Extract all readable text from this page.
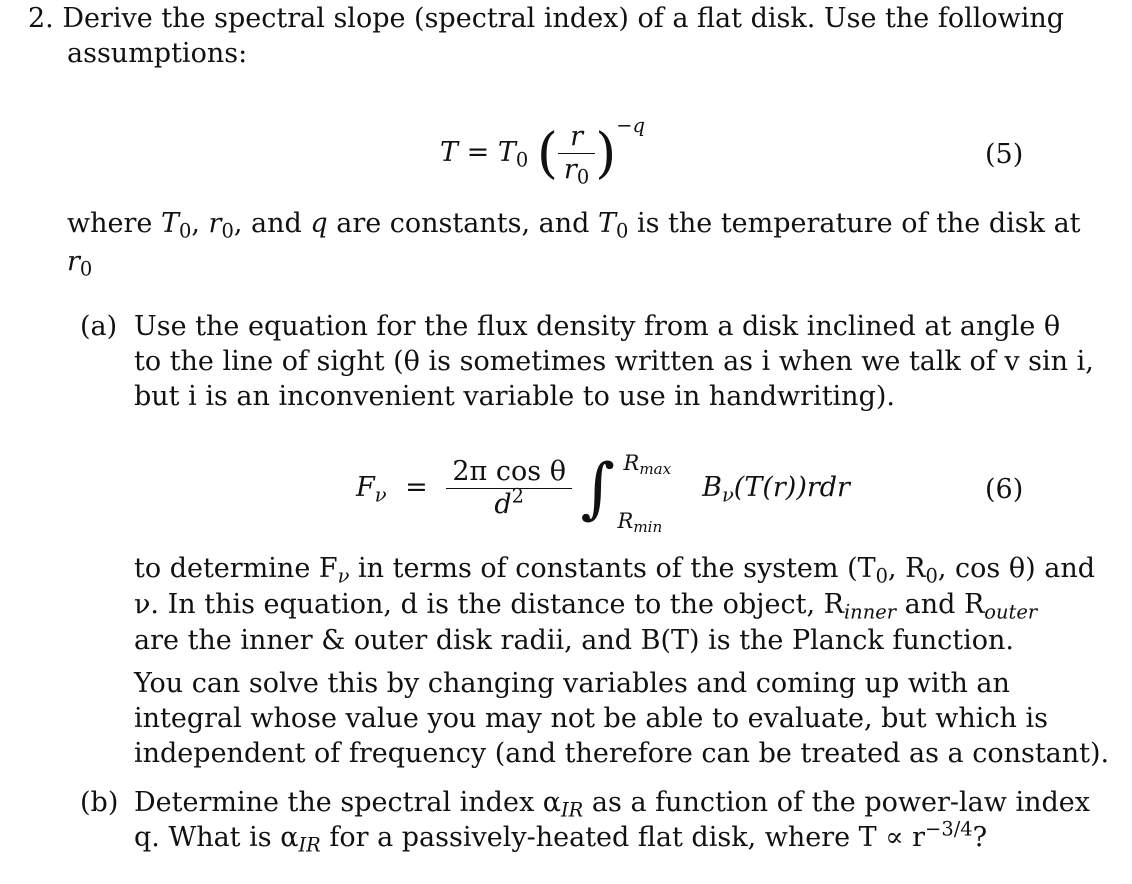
2. Derive the spectral slope (spectral index) of a flat disk. Use the following
assumptions:
$T = T_0$ ( $\frac{r}{r_0} )^{-q}$
(5)
where $T_0$, $r_0$, and q are constants, and $T_0$ is the temperature of the disk at
$r_0$
(a) Use the equation for the flux density from a disk inclined at angle θ
to the line of sight (θ is sometimes written as i when we talk of v sin i,
but i is an inconvenient variable to use in handwriting).
$F_\nu = \frac{\text{2π cos θ}}{d^2}$ ∫ $R_{max}$
$R_{min}$
$B_\nu(T(r))rdr$	(6)
to determine $F_\nu$ in terms of constants of the system ($T_0$, $R_0$, cos θ) and
ν. In this equation, d is the distance to the object, $R_{inner}$ and $R_{outer}$
are the inner & outer disk radii, and B(T) is the Planck function.
You can solve this by changing variables and coming up with an
integral whose value you may not be able to evaluate, but which is
independent of frequency (and therefore can be treated as a constant).
(b) Determine the spectral index $\alpha_{IR}$ as a function of the power-law index
q. What is $\alpha_{IR}$ for a passively-heated flat disk, where $T \propto r^{-3/4}$?
